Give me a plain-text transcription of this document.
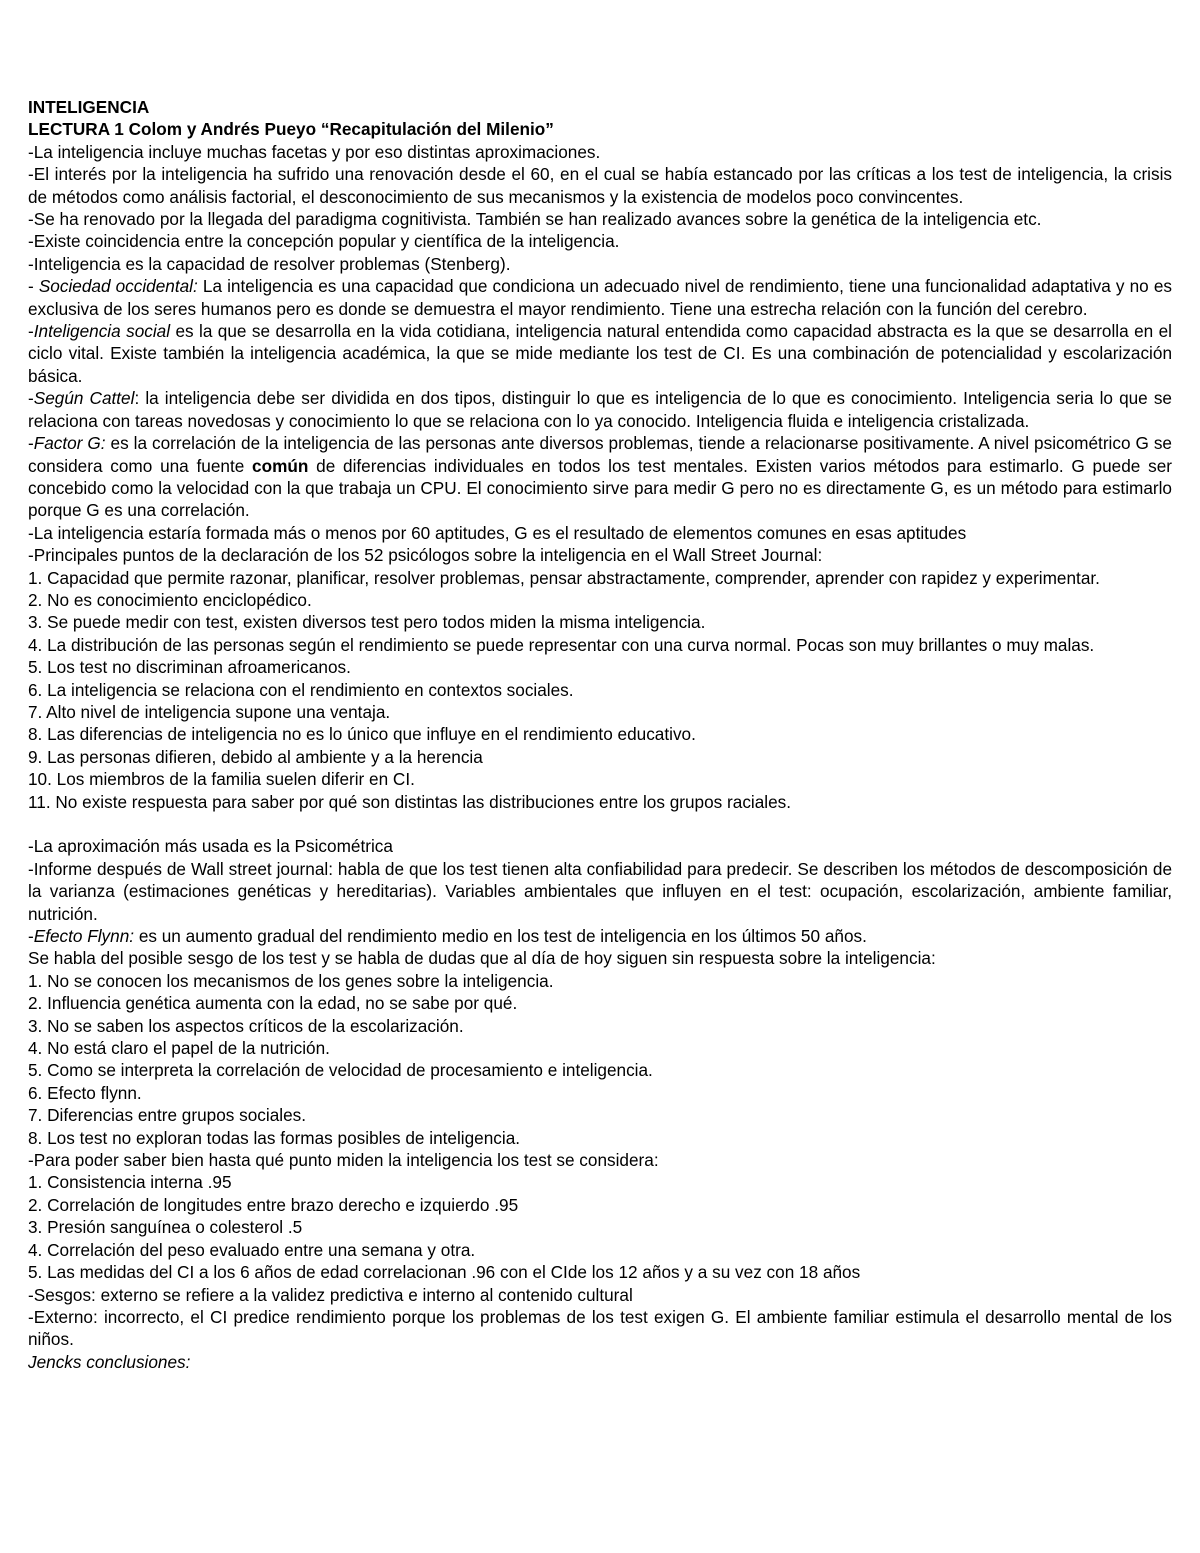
INTELIGENCIA
LECTURA 1 Colom y Andrés Pueyo “Recapitulación del Milenio”
-La inteligencia incluye muchas facetas y por eso distintas aproximaciones.
-El interés por la inteligencia ha sufrido una renovación desde el 60, en el cual se había estancado por las críticas a los test de inteligencia, la crisis de métodos como análisis factorial, el desconocimiento de sus mecanismos y la existencia de modelos poco convincentes.
-Se ha renovado por la llegada del paradigma cognitivista. También se han realizado avances sobre la genética de la inteligencia etc.
-Existe coincidencia entre la concepción popular y científica de la inteligencia.
-Inteligencia es la capacidad de resolver problemas (Stenberg).
- Sociedad occidental: La inteligencia es una capacidad que condiciona un adecuado nivel de rendimiento, tiene una funcionalidad adaptativa y no es exclusiva de los seres humanos pero es donde se demuestra el mayor rendimiento. Tiene una estrecha relación con la función del cerebro.
-Inteligencia social es la que se desarrolla en la vida cotidiana, inteligencia natural entendida como capacidad abstracta es la que se desarrolla en el ciclo vital. Existe también la inteligencia académica, la que se mide mediante los test de CI. Es una combinación de potencialidad y escolarización básica.
-Según Cattel: la inteligencia debe ser dividida en dos tipos, distinguir lo que es inteligencia de lo que es conocimiento. Inteligencia seria lo que se relaciona con tareas novedosas y conocimiento lo que se relaciona con lo ya conocido. Inteligencia fluida e inteligencia cristalizada.
-Factor G: es la correlación de la inteligencia de las personas ante diversos problemas, tiende a relacionarse positivamente. A nivel psicométrico G se considera como una fuente común de diferencias individuales en todos los test mentales. Existen varios métodos para estimarlo. G puede ser concebido como la velocidad con la que trabaja un CPU. El conocimiento sirve para medir G pero no es directamente G, es un método para estimarlo porque G es una correlación.
-La inteligencia estaría formada más o menos por 60 aptitudes, G es el resultado de elementos comunes en esas aptitudes
-Principales puntos de la declaración de los 52 psicólogos sobre la inteligencia en el Wall Street Journal:
1. Capacidad que permite razonar, planificar, resolver problemas, pensar abstractamente, comprender, aprender con rapidez y experimentar.
2. No es conocimiento enciclopédico.
3. Se puede medir con test, existen diversos test pero todos miden la misma inteligencia.
4. La distribución de las personas según el rendimiento se puede representar con una curva normal. Pocas son muy brillantes o muy malas.
5. Los test no discriminan afroamericanos.
6. La inteligencia se relaciona con el rendimiento en contextos sociales.
7. Alto nivel de inteligencia supone una ventaja.
8. Las diferencias de inteligencia no es lo único que influye en el rendimiento educativo.
9. Las personas difieren, debido al ambiente y a la herencia
10. Los miembros de la familia suelen diferir en CI.
11. No existe respuesta para saber por qué son distintas las distribuciones entre los grupos raciales.
-La aproximación más usada es la Psicométrica
-Informe después de Wall street journal: habla de que los test tienen alta confiabilidad para predecir. Se describen los métodos de descomposición de la varianza (estimaciones genéticas y hereditarias). Variables ambientales que influyen en el test: ocupación, escolarización, ambiente familiar, nutrición.
-Efecto Flynn: es un aumento gradual del rendimiento medio en los test de inteligencia en los últimos 50 años.
Se habla del posible sesgo de los test y se habla de dudas que al día de hoy siguen sin respuesta sobre la inteligencia:
1. No se conocen los mecanismos de los genes sobre la inteligencia.
2. Influencia genética aumenta con la edad, no se sabe por qué.
3. No se saben los aspectos críticos de la escolarización.
4. No está claro el papel de la nutrición.
5. Como se interpreta la correlación de velocidad de procesamiento e inteligencia.
6. Efecto flynn.
7. Diferencias entre grupos sociales.
8. Los test no exploran todas las formas posibles de inteligencia.
-Para poder saber bien hasta qué punto miden la inteligencia los test se considera:
1. Consistencia interna .95
2. Correlación de longitudes entre brazo derecho e izquierdo .95
3. Presión sanguínea o colesterol .5
4. Correlación del peso evaluado entre una semana y otra.
5. Las medidas del CI a los 6 años de edad correlacionan .96 con el CIde los 12 años y a su vez con 18 años
-Sesgos: externo se refiere a la validez predictiva e interno al contenido cultural
-Externo: incorrecto, el CI predice rendimiento porque los problemas de los test exigen G. El ambiente familiar estimula el desarrollo mental de los niños.
Jencks conclusiones:
